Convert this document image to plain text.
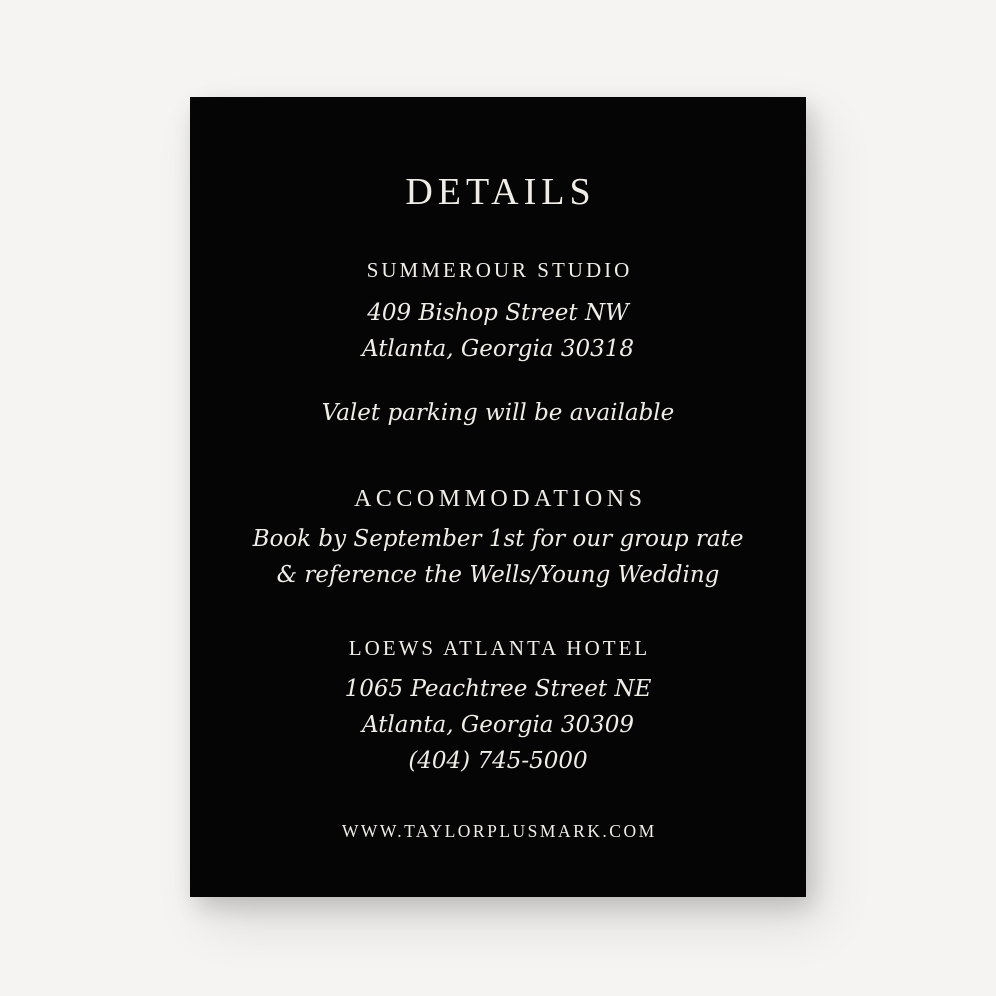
DETAILS
SUMMEROUR STUDIO
409 Bishop Street NW
Atlanta, Georgia 30318
Valet parking will be available
ACCOMMODATIONS
Book by September 1st for our group rate
& reference the Wells/Young Wedding
LOEWS ATLANTA HOTEL
1065 Peachtree Street NE
Atlanta, Georgia 30309
(404) 745-5000
WWW.TAYLORPLUSMARK.COM
